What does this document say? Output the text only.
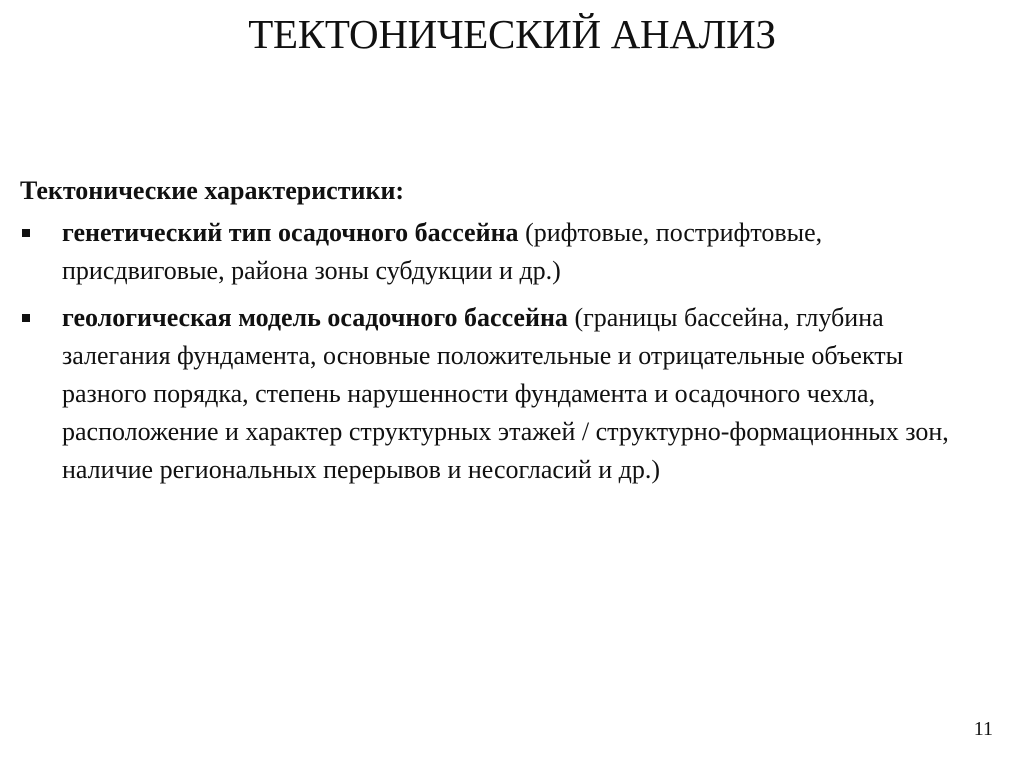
ТЕКТОНИЧЕСКИЙ АНАЛИЗ

Тектонические характеристики:

генетический тип осадочного бассейна (рифтовые, пострифтовые, присдвиговые, района зоны субдукции и др.)
геологическая модель осадочного бассейна (границы бассейна, глубина залегания фундамента, основные положительные и отрицательные объекты разного порядка, степень нарушенности фундамента и осадочного чехла, расположение и характер структурных этажей / структурно-формационных зон, наличие региональных перерывов и несогласий и др.)
11
